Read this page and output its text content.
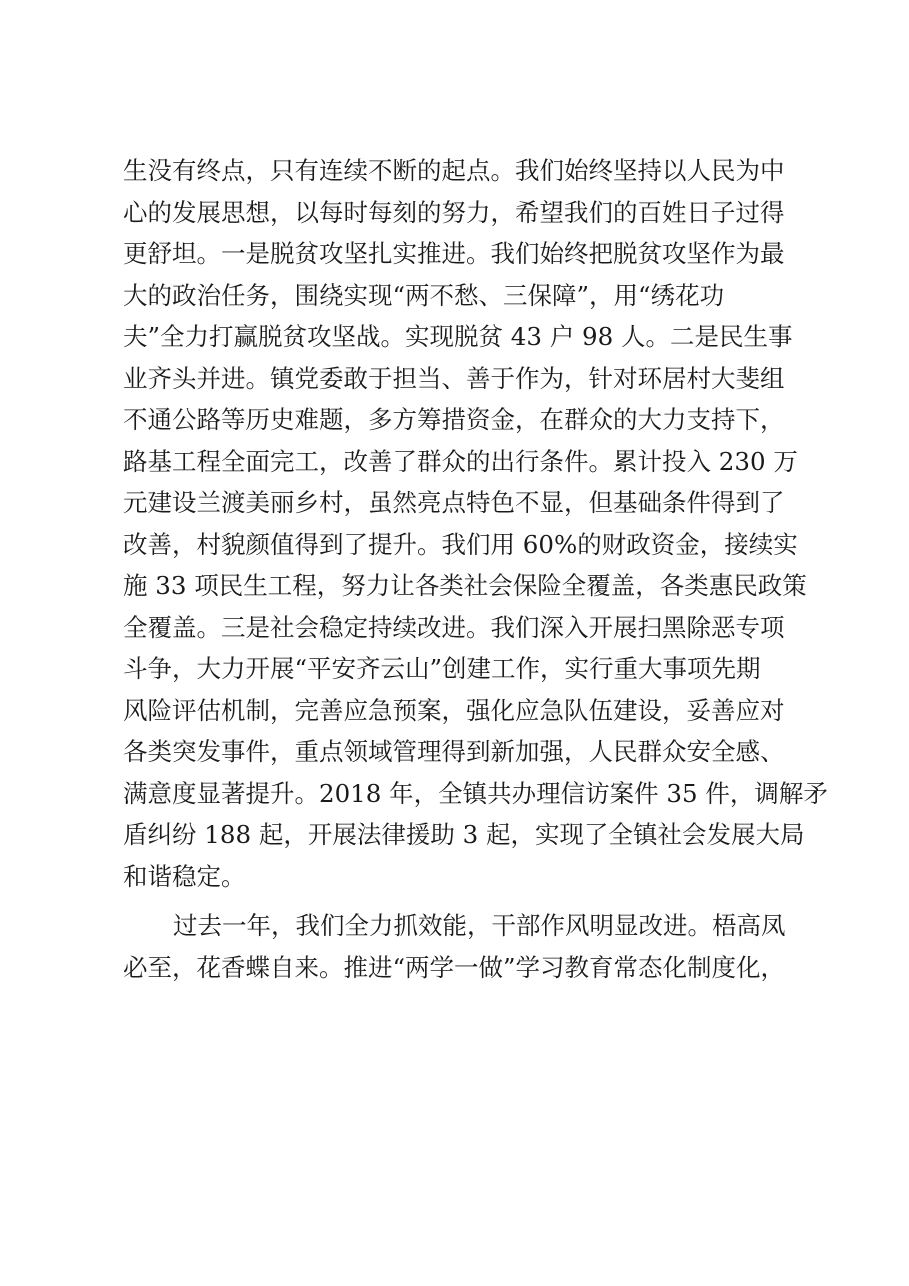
生没有终点，只有连续不断的起点。我们始终坚持以人民为中
心的发展思想，以每时每刻的努力，希望我们的百姓日子过得
更舒坦。一是脱贫攻坚扎实推进。我们始终把脱贫攻坚作为最
大的政治任务，围绕实现“两不愁、三保障”，用“绣花功
夫”全力打赢脱贫攻坚战。实现脱贫 43 户 98 人。二是民生事
业齐头并进。镇党委敢于担当、善于作为，针对环居村大斐组
不通公路等历史难题，多方筹措资金，在群众的大力支持下，
路基工程全面完工，改善了群众的出行条件。累计投入 230 万
元建设兰渡美丽乡村，虽然亮点特色不显，但基础条件得到了
改善，村貌颜值得到了提升。我们用 60%的财政资金，接续实
施 33 项民生工程，努力让各类社会保险全覆盖，各类惠民政策
全覆盖。三是社会稳定持续改进。我们深入开展扫黑除恶专项
斗争，大力开展“平安齐云山”创建工作，实行重大事项先期
风险评估机制，完善应急预案，强化应急队伍建设，妥善应对
各类突发事件，重点领域管理得到新加强，人民群众安全感、
满意度显著提升。2018 年，全镇共办理信访案件 35 件，调解矛
盾纠纷 188 起，开展法律援助 3 起，实现了全镇社会发展大局
和谐稳定。
过去一年，我们全力抓效能，干部作风明显改进。梧高凤
必至，花香蝶自来。推进“两学一做”学习教育常态化制度化，
